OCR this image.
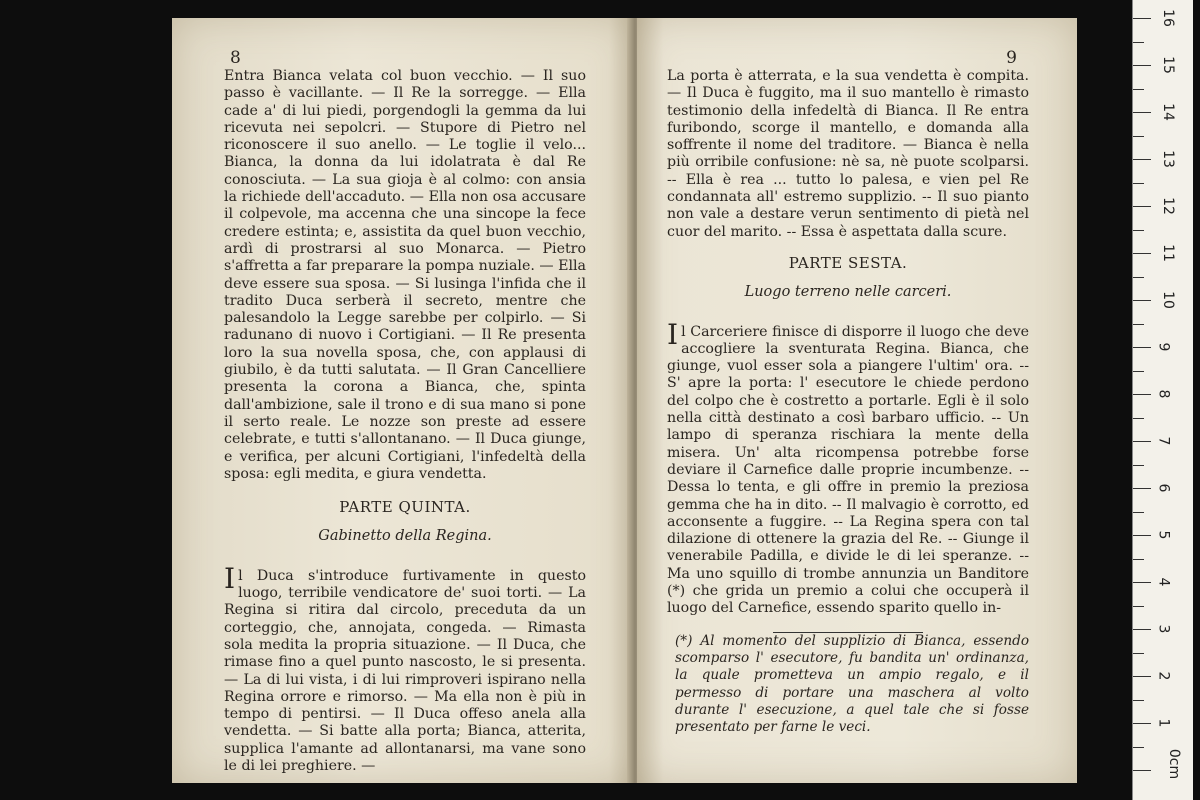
8

Entra Bianca velata col buon vecchio. — Il suo passo è vacillante. — Il Re la sorregge. — Ella cade a' di lui piedi, porgendogli la gemma da lui ricevuta nei sepolcri. — Stupore di Pietro nel riconoscere il suo anello. — Le toglie il velo... Bianca, la donna da lui idolatrata è dal Re conosciuta. — La sua gioja è al colmo: con ansia la richiede dell'accaduto. — Ella non osa accusare il colpevole, ma accenna che una sincope la fece credere estinta; e, assistita da quel buon vecchio, ardì di prostrarsi al suo Monarca. — Pietro s'affretta a far preparare la pompa nuziale. — Ella deve essere sua sposa. — Si lusinga l'infida che il tradito Duca serberà il secreto, mentre che palesandolo la Legge sarebbe per colpirlo. — Si radunano di nuovo i Cortigiani. — Il Re presenta loro la sua novella sposa, che, con applausi di giubilo, è da tutti salutata. — Il Gran Cancelliere presenta la corona a Bianca, che, spinta dall'ambizione, sale il trono e di sua mano si pone il serto reale. Le nozze son preste ad essere celebrate, e tutti s'allontanano. — Il Duca giunge, e verifica, per alcuni Cortigiani, l'infedeltà della sposa: egli medita, e giura vendetta.

PARTE QUINTA.

Gabinetto della Regina.

Il Duca s'introduce furtivamente in questo luogo, terribile vendicatore de' suoi torti. — La Regina si ritira dal circolo, preceduta da un corteggio, che, annojata, congeda. — Rimasta sola medita la propria situazione. — Il Duca, che rimase fino a quel punto nascosto, le si presenta. — La di lui vista, i di lui rimproveri ispirano nella Regina orrore e rimorso. — Ma ella non è più in tempo di pentirsi. — Il Duca offeso anela alla vendetta. — Si batte alla porta; Bianca, atterita, supplica l'amante ad allontanarsi, ma vane sono le di lei preghiere. —

9

La porta è atterrata, e la sua vendetta è compita. — Il Duca è fuggito, ma il suo mantello è rimasto testimonio della infedeltà di Bianca. Il Re entra furibondo, scorge il mantello, e domanda alla soffrente il nome del traditore. — Bianca è nella più orribile confusione: nè sa, nè puote scolparsi. -- Ella è rea ... tutto lo palesa, e vien pel Re condannata all' estremo supplizio. -- Il suo pianto non vale a destare verun sentimento di pietà nel cuor del marito. -- Essa è aspettata dalla scure.

PARTE SESTA.

Luogo terreno nelle carceri.

Il Carceriere finisce di disporre il luogo che deve accogliere la sventurata Regina. Bianca, che giunge, vuol esser sola a piangere l'ultim' ora. -- S' apre la porta: l' esecutore le chiede perdono del colpo che è costretto a portarle. Egli è il solo nella città destinato a così barbaro ufficio. -- Un lampo di speranza rischiara la mente della misera. Un' alta ricompensa potrebbe forse deviare il Carnefice dalle proprie incumbenze. -- Dessa lo tenta, e gli offre in premio la preziosa gemma che ha in dito. -- Il malvagio è corrotto, ed acconsente a fuggire. -- La Regina spera con tal dilazione di ottenere la grazia del Re. -- Giunge il venerabile Padilla, e divide le di lei speranze. -- Ma uno squillo di trombe annunzia un Banditore (*) che grida un premio a colui che occuperà il luogo del Carnefice, essendo sparito quello in-

(*) Al momento del supplizio di Bianca, essendo scomparso l' esecutore, fu bandita un' ordinanza, la quale prometteva un ampio regalo, e il permesso di portare una maschera al volto durante l' esecuzione, a quel tale che si fosse presentato per farne le veci.

0cm
1
2
3
4
5
6
7
8
9
10
11
12
13
14
15
16
